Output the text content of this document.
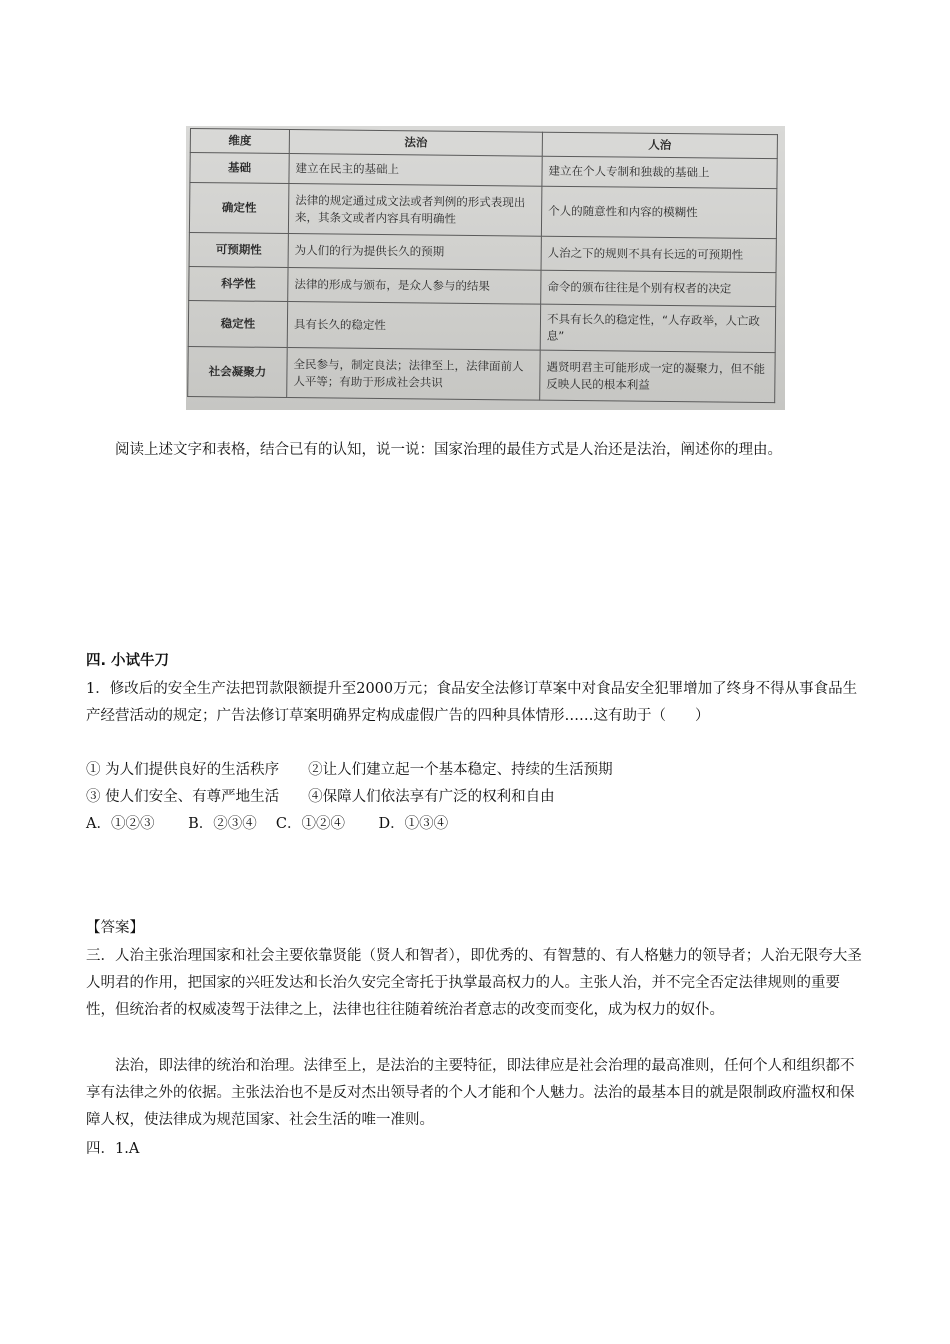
维度	法治	人治
基础	建立在民主的基础上	建立在个人专制和独裁的基础上
确定性	法律的规定通过成文法或者判例的形式表现出来，其条文或者内容具有明确性	个人的随意性和内容的模糊性
可预期性	为人们的行为提供长久的预期	人治之下的规则不具有长远的可预期性
科学性	法律的形成与颁布，是众人参与的结果	命令的颁布往往是个别有权者的决定
稳定性	具有长久的稳定性	不具有长久的稳定性，“人存政举，人亡政息”
社会凝聚力	全民参与，制定良法；法律至上，法律面前人人平等；有助于形成社会共识	遇贤明君主可能形成一定的凝聚力，但不能反映人民的根本利益
阅读上述文字和表格，结合已有的认知，说一说：国家治理的最佳方式是人治还是法治，阐述你的理由。
四. 小试牛刀
1．修改后的安全生产法把罚款限额提升至2000万元；食品安全法修订草案中对食品安全犯罪增加了终身不得从事食品生产经营活动的规定；广告法修订草案明确界定构成虚假广告的四种具体情形……这有助于（　　）
① 为人们提供良好的生活秩序　　②让人们建立起一个基本稳定、持续的生活预期
③ 使人们安全、有尊严地生活　　④保障人们依法享有广泛的权利和自由
A．①②③　　 B．②③④　 C．①②④　　 D．①③④
【答案】
三．人治主张治理国家和社会主要依靠贤能（贤人和智者），即优秀的、有智慧的、有人格魅力的领导者；人治无限夸大圣人明君的作用，把国家的兴旺发达和长治久安完全寄托于执掌最高权力的人。主张人治，并不完全否定法律规则的重要性，但统治者的权威凌驾于法律之上，法律也往往随着统治者意志的改变而变化，成为权力的奴仆。
法治，即法律的统治和治理。法律至上，是法治的主要特征，即法律应是社会治理的最高准则，任何个人和组织都不享有法律之外的依据。主张法治也不是反对杰出领导者的个人才能和个人魅力。法治的最基本目的就是限制政府滥权和保障人权，使法律成为规范国家、社会生活的唯一准则。
四．1.A
